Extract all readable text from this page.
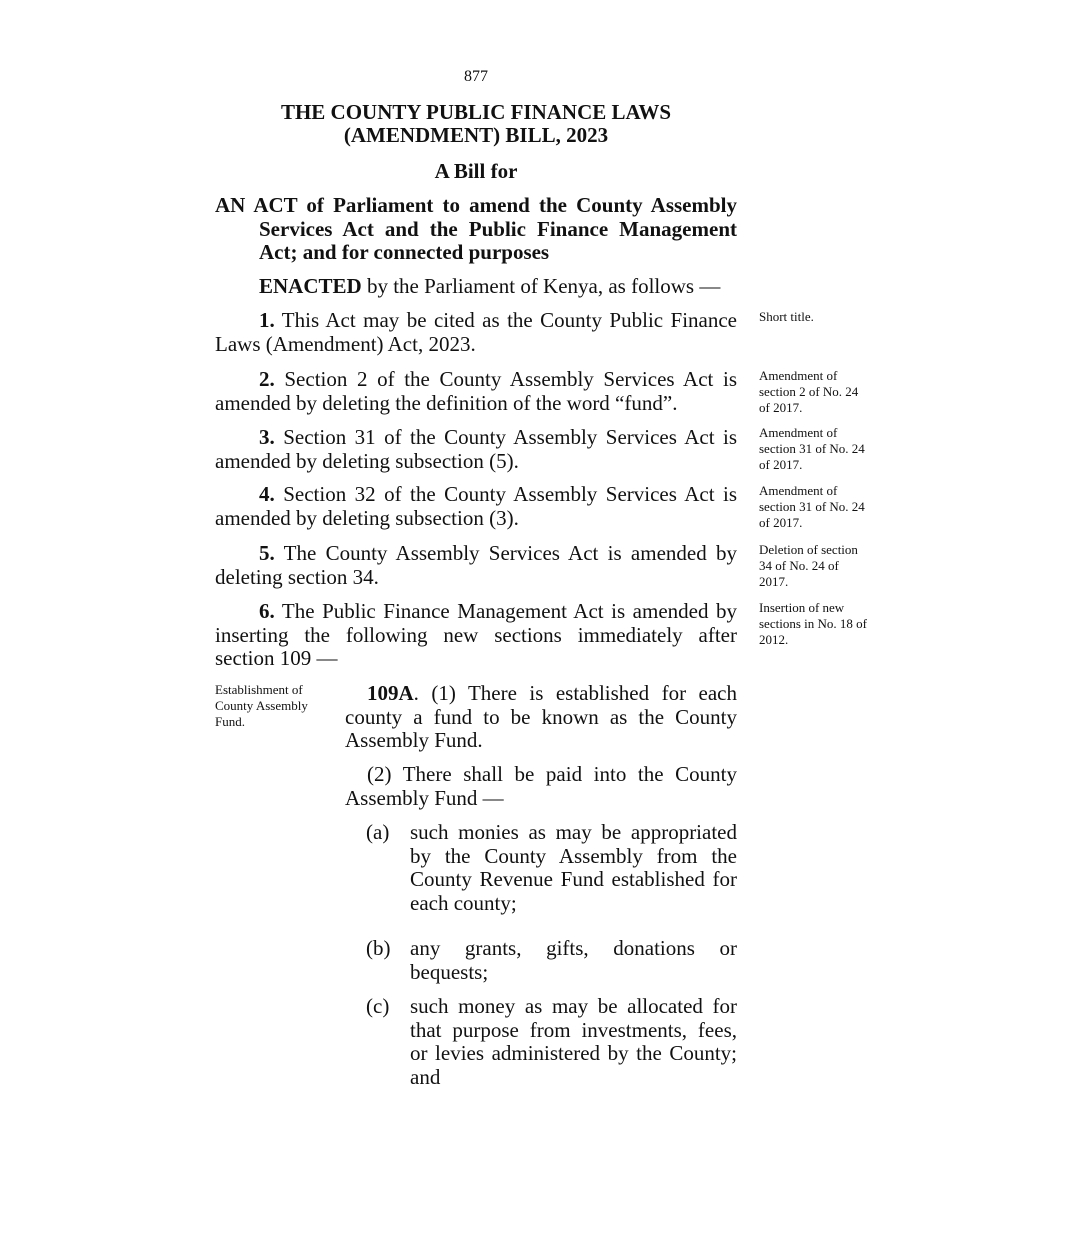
877
THE COUNTY PUBLIC FINANCE LAWS
(AMENDMENT) BILL, 2023
A Bill for
AN ACT of Parliament to amend the County Assembly Services Act and the Public Finance Management Act; and for connected purposes

ENACTED by the Parliament of Kenya, as follows —

1. This Act may be cited as the County Public Finance Laws (Amendment) Act, 2023.

Short title.

2. Section 2 of the County Assembly Services Act is amended by deleting the definition of the word “fund”.

Amendment of section 2 of No. 24 of 2017.

3. Section 31 of the County Assembly Services Act is amended by deleting subsection (5).

Amendment of section 31 of No. 24 of 2017.

4. Section 32 of the County Assembly Services Act is amended by deleting subsection (3).

Amendment of section 31 of No. 24 of 2017.

5. The County Assembly Services Act is amended by deleting section 34.

Deletion of section 34 of No. 24 of 2017.

6. The Public Finance Management Act is amended by inserting the following new sections immediately after section 109 —

Insertion of new sections in No. 18 of 2012.
Establishment of County Assembly Fund.

109A. (1) There is established for each county a fund to be known as the County Assembly Fund.

(2) There shall be paid into the County Assembly Fund —

(a) such monies as may be appropriated by the County Assembly from the County Revenue Fund established for each county;
(b) any grants, gifts, donations or bequests;
(c) such money as may be allocated for that purpose from investments, fees, or levies administered by the County; and
